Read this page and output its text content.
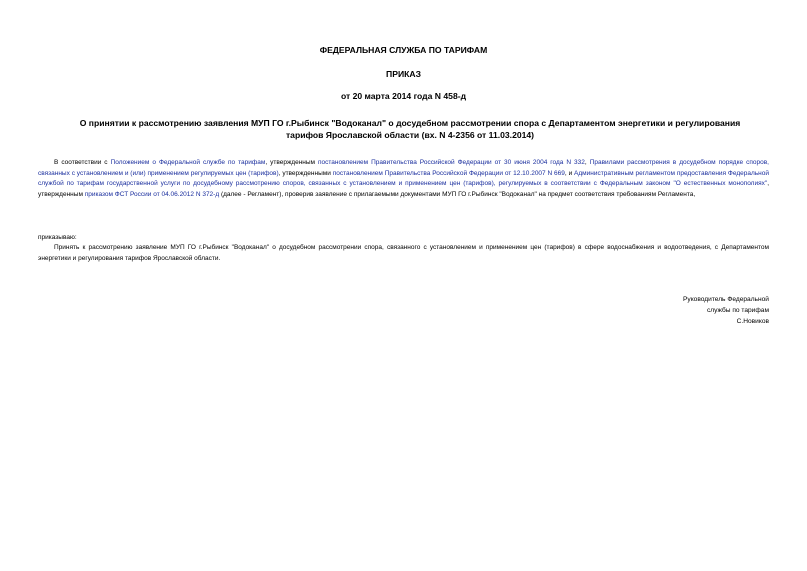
ФЕДЕРАЛЬНАЯ СЛУЖБА ПО ТАРИФАМ
ПРИКАЗ
от 20 марта 2014 года N 458-д
О принятии к рассмотрению заявления МУП ГО г.Рыбинск "Водоканал" о досудебном рассмотрении спора с Департаментом энергетики и регулирования тарифов Ярославской области (вх. N 4-2356 от 11.03.2014)
В соответствии с Положением о Федеральной службе по тарифам, утвержденным постановлением Правительства Российской Федерации от 30 июня 2004 года N 332, Правилами рассмотрения в досудебном порядке споров, связанных с установлением и (или) применением регулируемых цен (тарифов), утвержденными постановлением Правительства Российской Федерации от 12.10.2007 N 669, и Административным регламентом предоставления Федеральной службой по тарифам государственной услуги по досудебному рассмотрению споров, связанных с установлением и применением цен (тарифов), регулируемых в соответствии с Федеральным законом "О естественных монополиях", утвержденным приказом ФСТ России от 04.06.2012 N 372-д (далее - Регламент), проверив заявление с прилагаемыми документами МУП ГО г.Рыбинск "Водоканал" на предмет соответствия требованиям Регламента,
приказываю:
Принять к рассмотрению заявление МУП ГО г.Рыбинск "Водоканал" о досудебном рассмотрении спора, связанного с установлением и применением цен (тарифов) в сфере водоснабжения и водоотведения, с Департаментом энергетики и регулирования тарифов Ярославской области.
Руководитель Федеральной
службы по тарифам
С.Новиков
